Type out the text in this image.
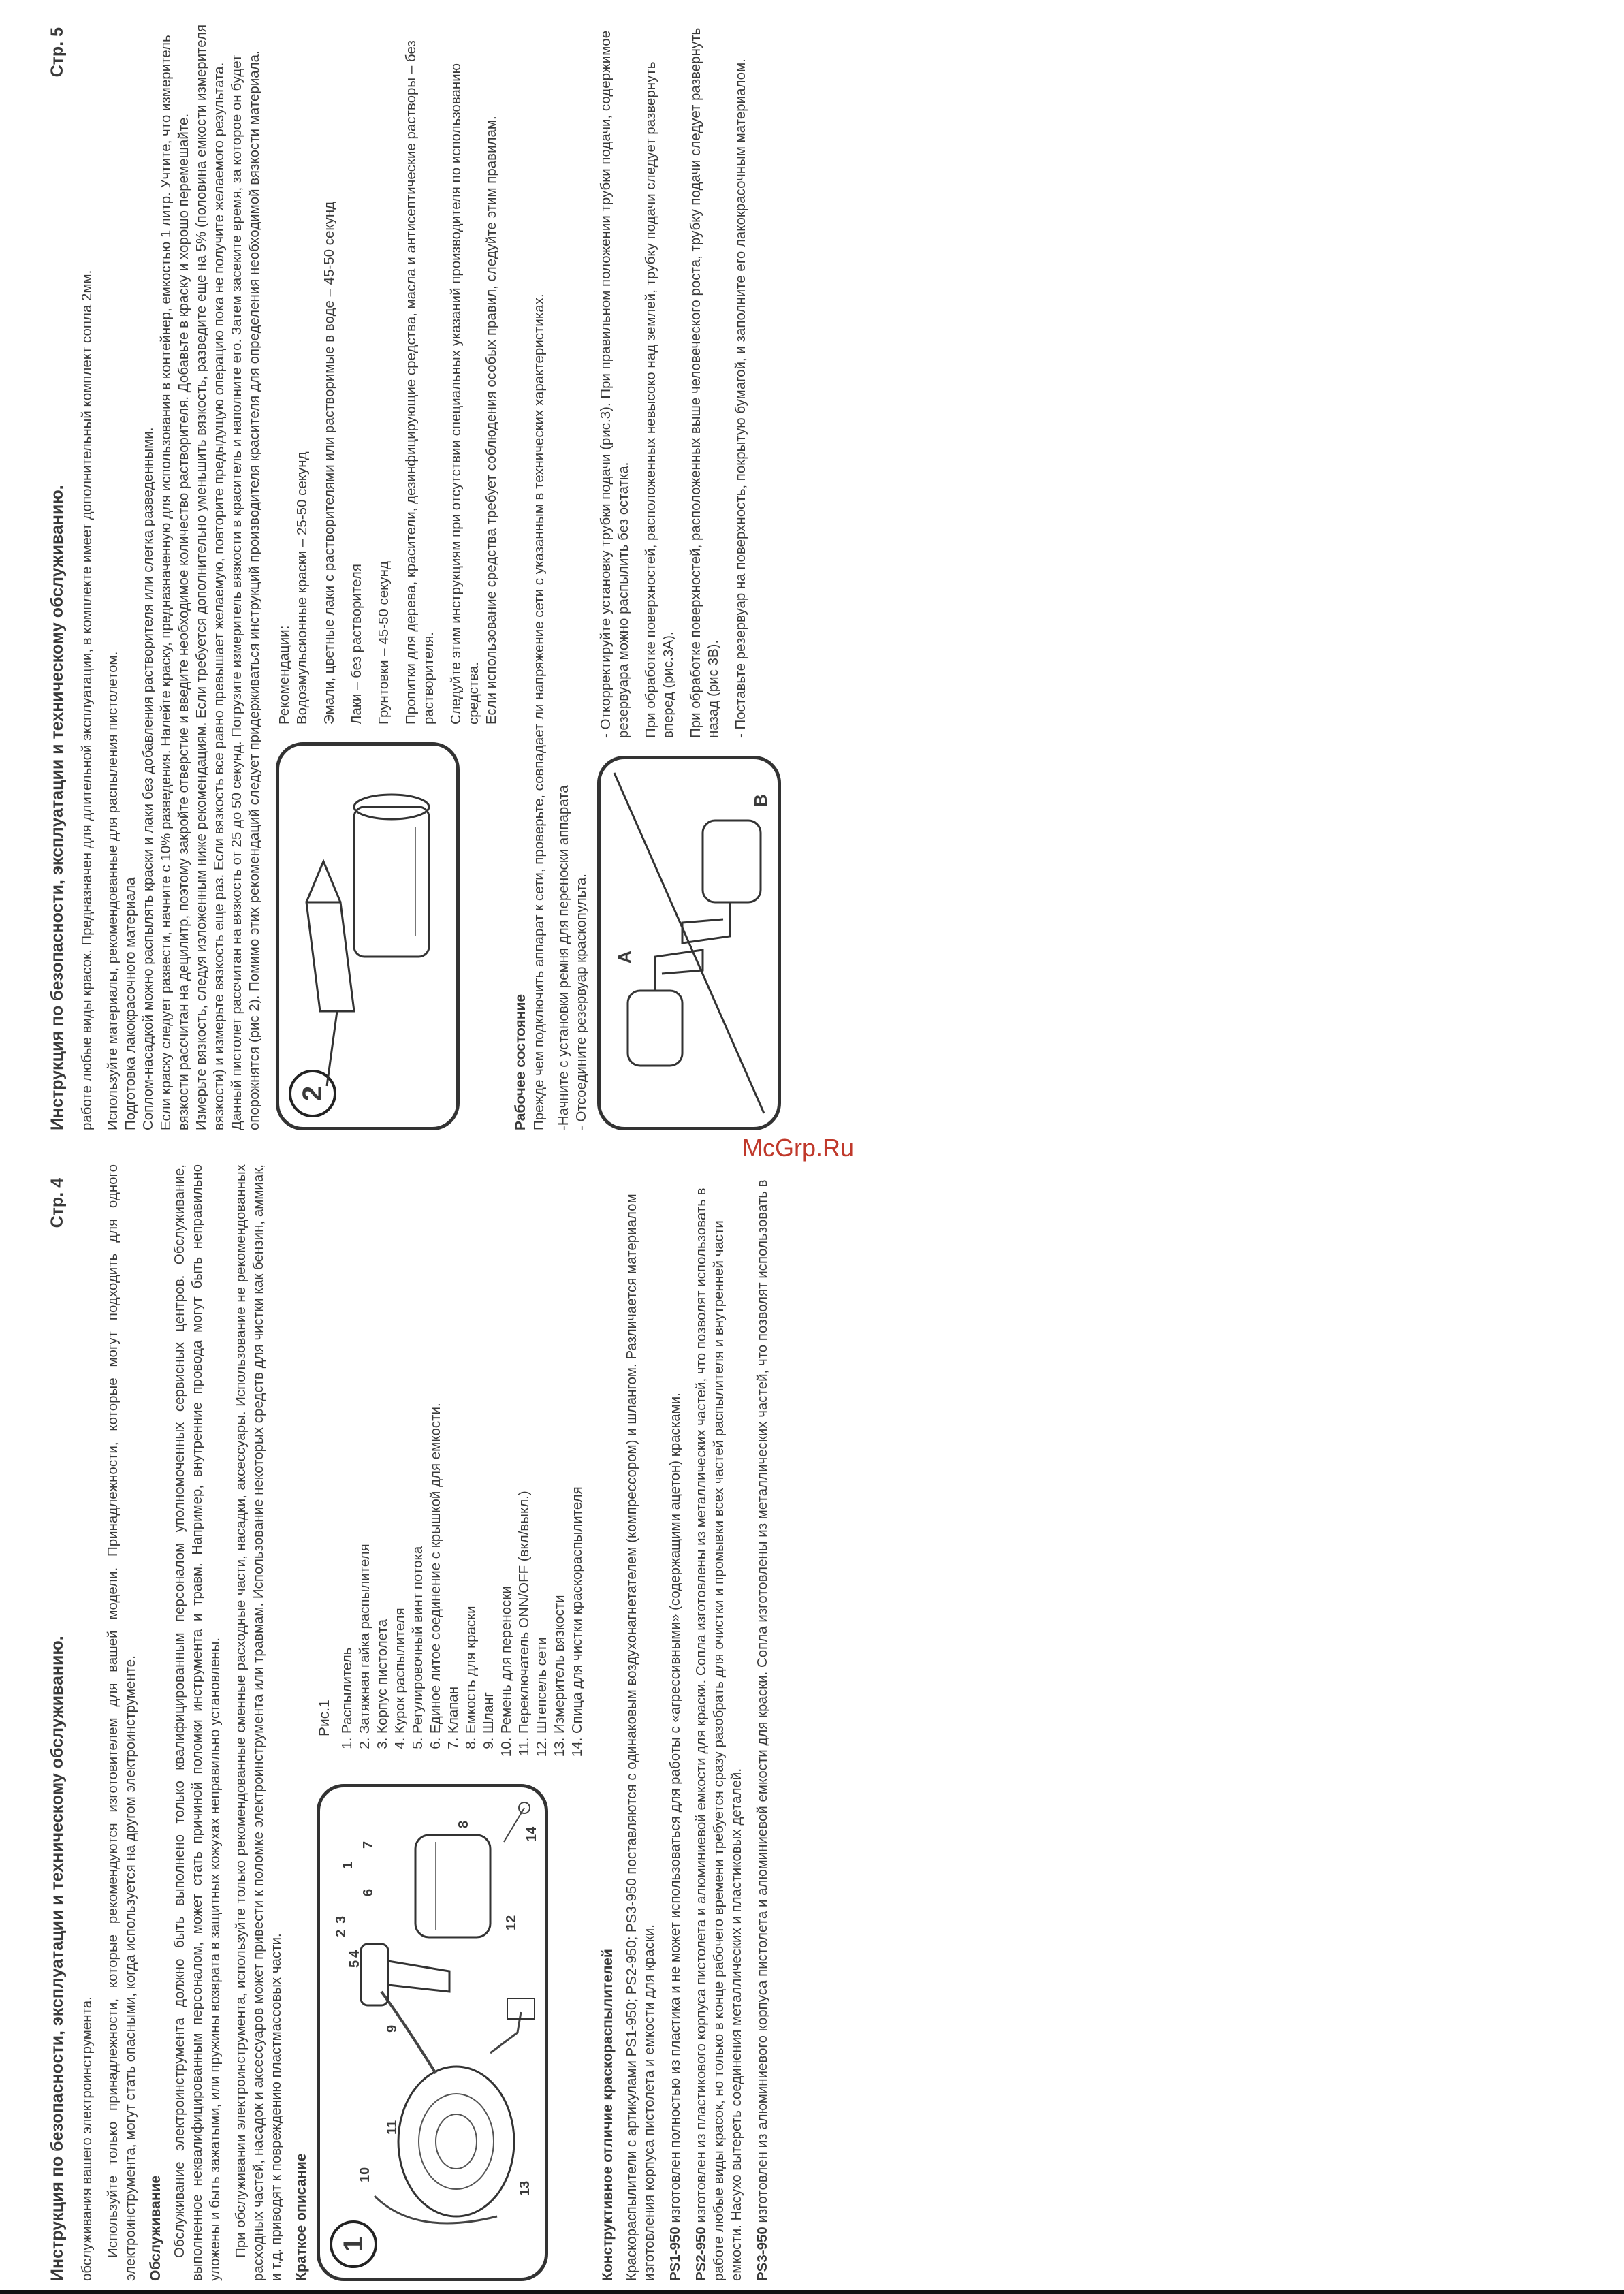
McGrp.Ru
Инструкция по безопасности, эксплуатации и техническому обслуживанию.
Стр. 4
обслуживания вашего электроинструмента. Используйте только принадлежности, которые рекомендуются изготовителем для вашей модели. Принадлежности, которые могут подходить для одного электроинструмента, могут стать опасными, когда используется на другом электроинструменте. Обслуживание Обслуживание электроинструмента должно быть выполнено только квалифицированным персоналом уполномоченных сервисных центров. Обслуживание, выполненное неквалифицированным персоналом, может стать причиной поломки инструмента и травм. Например, внутренние провода могут быть неправильно уложены и быть зажатыми, или пружины возврата в защитных кожухах неправильно установлены. При обслуживании электроинструмента, используйте только рекомендованные сменные расходные части, насадки, аксессуары. Использование не рекомендованных расходных частей, насадок и аксессуаров может привести к поломке электроинструмента или травмам. Использование некоторых средств для чистки как бензин, аммиак, и т.д. приводят к повреждению пластмассовых части. Краткое описание	1
1
2
3
4
5
6
7
8
9
10
11
12
13
14
Рис.1 1. Распылитель 2. Затяжная гайка распылителя 3. Корпус пистолета 4. Курок распылителя 5. Регулировочный винт потока 6. Единое литое соединение с крышкой для емкости. 7. Клапан 8. Емкость для краски 9. Шланг 10. Ремень для переноски 11. Переключатель ONN/OFF (вкл/выкл.) 12. Штепсель сети 13. Измеритель вязкости 14. Спица для чистки краскораспылителя
Конструктивное отличие краскораспылителей Краскораспылители с артикулами PS1-950; PS2-950; PS3-950 поставляются с одинаковым воздухонагнетателем (компрессором) и шлангом. Различается материалом изготовления корпуса пистолета и емкости для краски. PS1-950 изготовлен полностью из пластика и не может использоваться для работы с «агрессивными» (содержащими ацетон) красками.
PS2-950 изготовлен из пластикового корпуса пистолета и алюминиевой емкости для краски. Сопла изготовлены из металлических частей, что позволят использовать в работе любые виды красок, но только в конце рабочего времени требуется сразу разобрать для очистки и промывки всех частей распылителя и внутренней части емкости. Насухо вытереть соединения металлических и пластиковых деталей. PS3-950 изготовлен из алюминиевого корпуса пистолета и алюминиевой емкости для краски. Сопла изготовлены из металлических частей, что позволят использовать в
Инструкция по безопасности, эксплуатации и техническому обслуживанию.
Стр. 5
работе любые виды красок. Предназначен для длительной эксплуатации, в комплекте имеет дополнительный комплект сопла 2мм. Используйте материалы, рекомендованные для распыления пистолетом. Подготовка лакокрасочного материала Соплом-насадкой можно распылять краски и лаки без добавления растворителя или слегка разведенными. Если краску следует развести, начните с 10% разведения. Налейте краску, предназначенную для использования в контейнер, емкостью 1 литр. Учтите, что измеритель вязкости рассчитан на децилитр, поэтому закройте отверстие и введите необходимое количество растворителя. Добавьте в краску и хорошо перемешайте. Измерьте вязкость, следуя изложенным ниже рекомендациям. Если требуется дополнительно уменьшить вязкость, разведите еще на 5% (половина емкости измерителя вязкости) и измерьте вязкость еще раз. Если вязкость все равно превышает желаемую, повторите предыдущую операцию пока не получите желаемого результата. Данный пистолет рассчитан на вязкость от 25 до 50 секунд. Погрузите измеритель вязкости в краситель и наполните его. Затем засеките время, за которое он будет опорожнятся (рис 2). Помимо этих рекомендаций следует придерживаться инструкций производителя красителя для определения необходимой вязкости материала.	2
Рекомендации: Водоэмульсионные краски – 25-50 секунд Эмали, цветные лаки с растворителями или растворимые в воде – 45-50 секунд Лаки – без растворителя Грунтовки – 45-50 секунд Пропитки для дерева, красители, дезинфицирующие средства, масла и антисептические растворы – без растворителя. Следуйте этим инструкциям при отсутствии специальных указаний производителя по использованию средства. Если использование средства требует соблюдения особых правил, следуйте этим правилам.
Рабочее состояние Прежде чем подключить аппарат к сети, проверьте, совпадает ли напряжение сети с указанным в технических характеристиках. -Начните с установки ремня для переноски аппарата - Отсоедините резервуар краскопульта. A
B
- Откорректируйте установку трубки подачи (рис.3). При правильном положении трубки подачи, содержимое резервуара можно распылить без остатка. При обработке поверхностей, расположенных невысоко над землей, трубку подачи следует развернуть вперед (рис.3А). При обработке поверхностей, расположенных выше человеческого роста, трубку подачи следует развернуть назад (рис 3В). - Поставьте резервуар на поверхность, покрытую бумагой, и заполните его лакокрасочным материалом.
